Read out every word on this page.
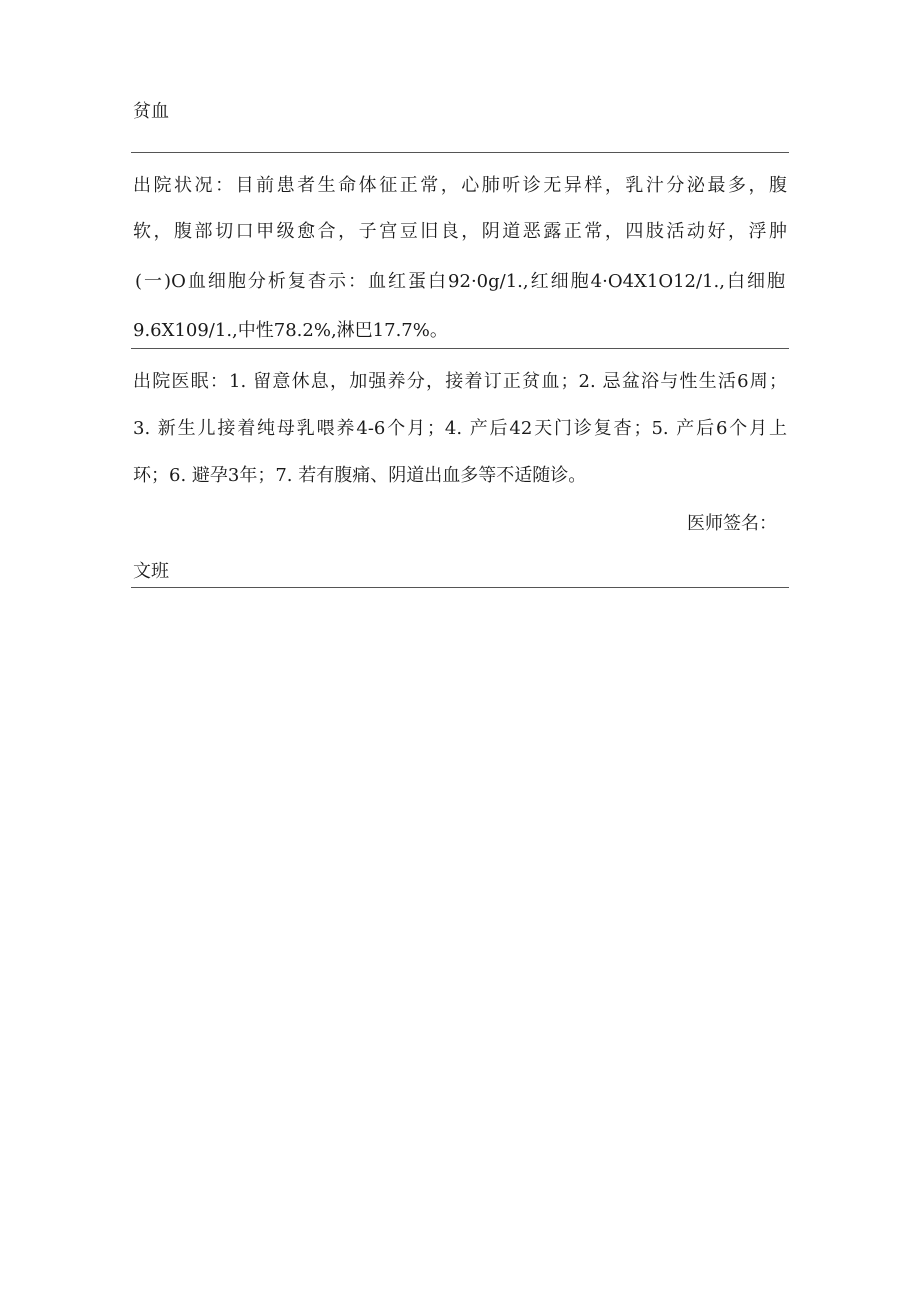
贫血
出院状况：目前患者生命体征正常，心肺听诊无异样，乳汁分泌最多，腹
软，腹部切口甲级愈合，子宫豆旧良，阴道恶露正常，四肢活动好，浮肿
(一)O血细胞分析复杳示：血红蛋白92·0g/1.,红细胞4·O4X1O12/1.,白细胞
9.6X109/1.,中性78.2%,淋巴17.7%。
出院医眠：1. 留意休息，加强养分，接着订正贫血；2. 忌盆浴与性生活6周；
3. 新生儿接着纯母乳喂养4-6个月；4. 产后42天门诊复杳；5. 产后6个月上
环；6. 避孕3年；7. 若有腹痛、阴道出血多等不适随诊。
医师签名：
文班
